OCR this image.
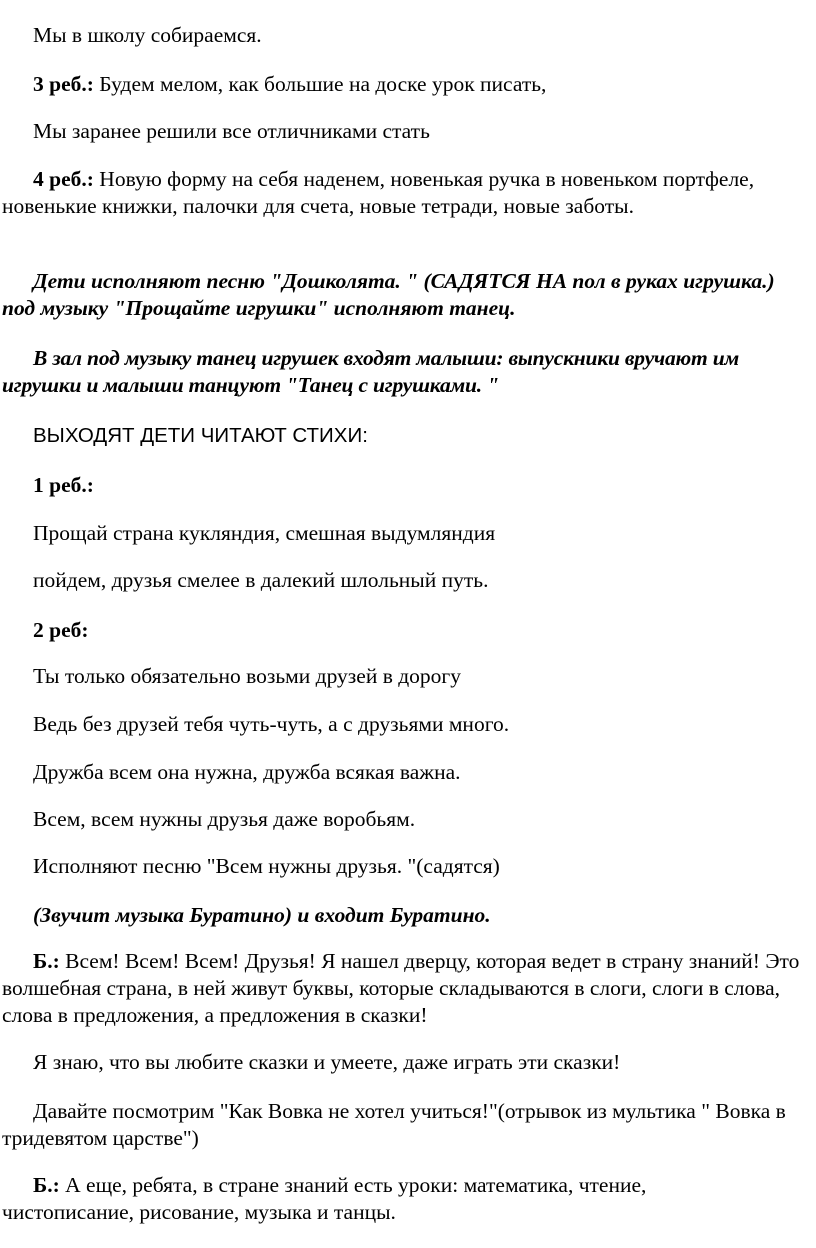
Мы в школу собираемся.

3 реб.: Будем мелом, как большие на доске урок писать,

Мы заранее решили все отличниками стать

4 реб.: Новую форму на себя наденем, новенькая ручка в новеньком портфеле, новенькие книжки, палочки для счета, новые тетради, новые заботы.

Дети исполняют песню "Дошколята. " (САДЯТСЯ НА пол в руках игрушка.) под музыку "Прощайте игрушки" исполняют танец.

В зал под музыку танец игрушек входят малыши: выпускники вручают им игрушки и малыши танцуют "Танец с игрушками. "

ВЫХОДЯТ ДЕТИ ЧИТАЮТ СТИХИ:

1 реб.:

Прощай страна кукляндия, смешная выдумляндия

пойдем, друзья смелее в далекий шлольный путь.

2 реб:

Ты только обязательно возьми друзей в дорогу

Ведь без друзей тебя чуть-чуть, а с друзьями много.

Дружба всем она нужна, дружба всякая важна.

Всем, всем нужны друзья даже воробьям.

Исполняют песню "Всем нужны друзья. "(садятся)

(Звучит музыка Буратино) и входит Буратино.

Б.: Всем! Всем! Всем! Друзья! Я нашел дверцу, которая ведет в страну знаний! Это волшебная страна, в ней живут буквы, которые складываются в слоги, слоги в слова, слова в предложения, а предложения в сказки!

Я знаю, что вы любите сказки и умеете, даже играть эти сказки!

Давайте посмотрим "Как Вовка не хотел учиться!"(отрывок из мультика " Вовка в тридевятом царстве")

Б.: А еще, ребята, в стране знаний есть уроки: математика, чтение, чистописание, рисование, музыка и танцы.
